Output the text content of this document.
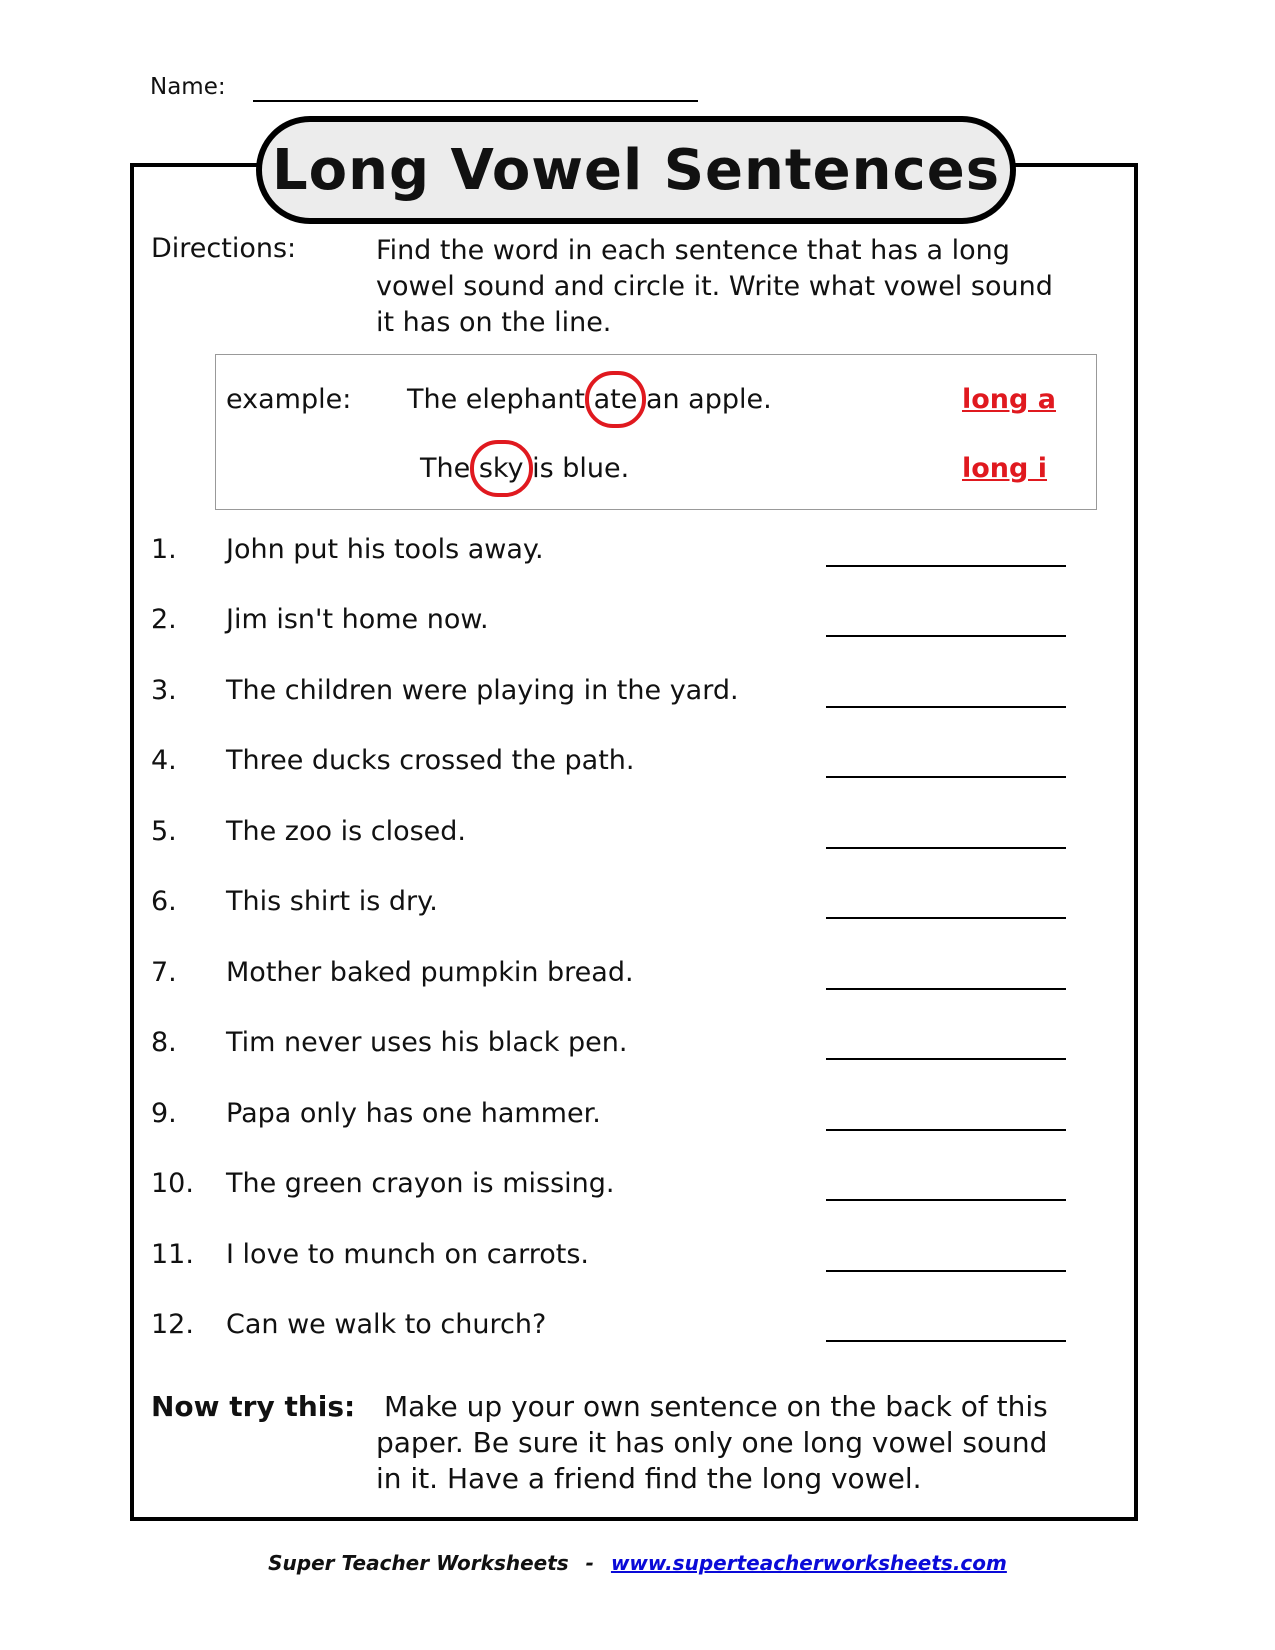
Name:
Long Vowel Sentences
Directions:	Find the word in each sentence that has a long vowel sound and circle it. Write what vowel sound it has on the line.
example: The elephant ate an apple.	long a
The sky is blue.	long i
1. John put his tools away.
2. Jim isn't home now.
3. The children were playing in the yard.
4. Three ducks crossed the path.
5. The zoo is closed.
6. This shirt is dry.
7. Mother baked pumpkin bread.
8. Tim never uses his black pen.
9. Papa only has one hammer.
10. The green crayon is missing.
11. I love to munch on carrots.
12. Can we walk to church?
Now try this: Make up your own sentence on the back of this
paper. Be sure it has only one long vowel sound
in it. Have a friend find the long vowel.
Super Teacher Worksheets - www.superteacherworksheets.com
